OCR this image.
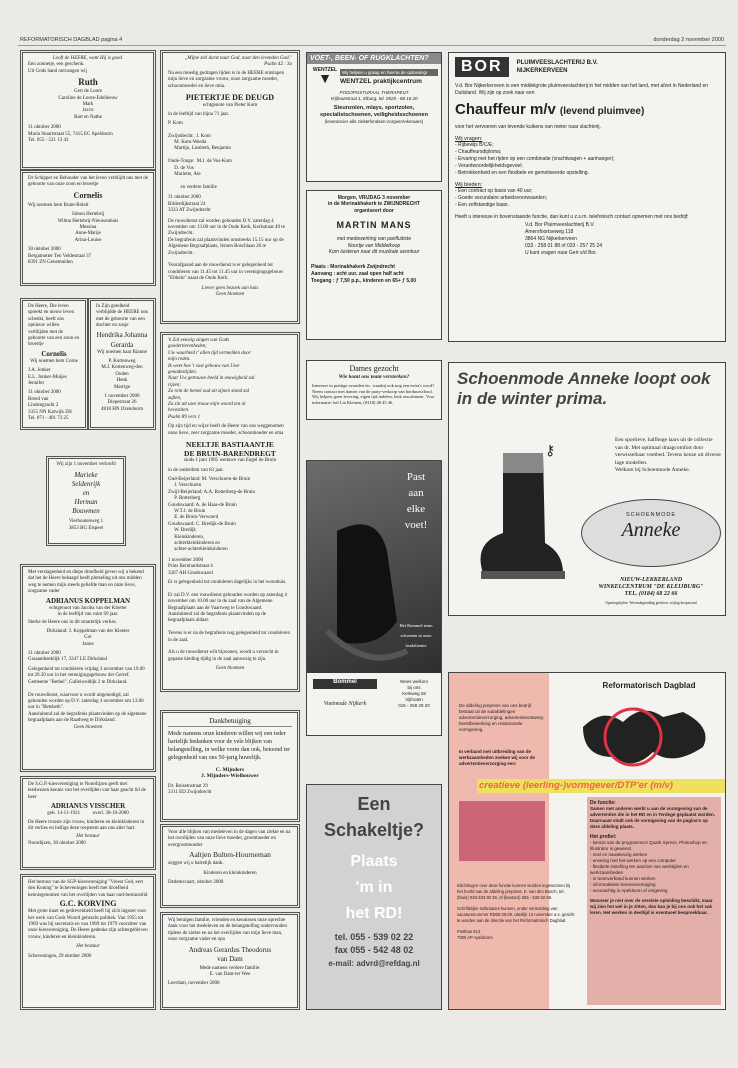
REFORMATORISCH DAGBLAD pagina 4	donderdag 2 november 2000
Looft de HEERE, want Hij is goed.
Een zonnetje, een geschenk.
Uit Gods hand ontvangen wij
Ruth
Gert de Loore
Caroline de Loore-Edelleeuw
Mark
Jacco
Bart en Nathe
31 oktober 2000
Maria Stuartstraat 55, 7415 EC Apeldoorn
Tel. 055 - 521 13 43
Dr Schipper en Behouder van het leven verblijdt ons met de geboorte van onze zoon en broertje
Cornelis
Wij noemen hem Bram-Boleit
Simon Hertebrij
Wilma Hertebrij-Nieuwenhuis
Messina
Anne-Marije
Arina-Louise
30 oktober 2000
Bergamotter Ten Veldestraat 37
8391 ZN Genemuiden
De Heere, Die leven spreekt en nieuw leven schenkt, heeft ons opnieuw willen verblijden met de geboorte van een zoon en broertje
Cornelis
Wij noemen hem Corne
J.A. Jonker
E.L. Jonker-Muijes
Jennifer
31 oktober 2000
Breed van
Lindengracht 2
3355 NN Katwijk ZH
Tel. 071 - 401 73 25
In Zijn goedheid verblijdde de HEERE ons met de geboorte van een dochter en zusje
Hendrika Johanna Gerarda
Wij noemen haar Rianne
P. Kortenweg
M.J. Kortenweg-den Ouden
Henk
Marrige
1 november 2000
Diepestraat 26
4818 HN IJzendoorn
Wij zijn 1 november verloofd
Marieke
Seldenrijk
en
Herman
Bouwmen
Vierhoutenweg 1
3853 BG Elspeet
Met verslagenheid en diepe droefheid geven wij u bekend dat het de Heere behaagd heeft plotseling uit ons midden weg te nemen mijn steeds geliefde man en onze lieve, zorgzame vader
ADRIANUS KOPPELMAN
echtgenoot van Jacoba van der Kloeter
in de leeftijd van ruim 69 jaar.
Sterke de Heere ons in dit smartelijk verlies.
Dirksland: J. Koppelman-van der Kloeter
Cor
Janne
31 oktober 2000
Graaambeeklijk 17, 3247 LE Dirksland
Gelegenheid tot condoleren vrijdag 3 november van 19.00 tot 20.30 uur in het verenigingsgebouw der Gerref. Gemeente "Bethel", Galleiwoldijk 2 te Dirksland.

De rouwdienst, waarvoor u wordt uitgenodigd, zal gehouden worden op D.V. zaterdag 4 november om 13.00 uur in "Betsheth".
Aansluitend zal de begrafenis plaatsvinden op de algemene begraafplaats aan de Raadweg te Dirksland.
Geen bloemen
De S.G.P.-kiesvereniging te Noordijzen geeft met leedwezen kennis van het overlijden van haar geacht lid de heer
ADRIANUS VISSCHER
geb. 14-11-1921          overl. 30-10-2000
De Heere trooste zijn vrouw, kinderen en kleinkinderen in dit verlies en heilige deze roepstem aan ons aller hart.
Het bestuur
Noordijzen, 30 oktober 2000
Het bestuur van de SGP-kiesvereniging "Vreest God, eert den Koning" te Scheveningen heeft met droefheid kennisgenomen van het overlijden van haar oud-bestuurslid
G.C. KORVING
Met grote inzet en gedrevenheid heeft hij zich ingezet voor het werk van Gods Woord gebracht politiek. Van 1955 tot 1969 was hij secretaris en van 1969 tot 1979 voorzitter van onze kiesvereniging. De Heere gedenke zijn achtergebleven vrouw, kinderen en kleinkinderen.
Het bestuur
Scheveningen, 29 oktober 2000
„Mijne ziel dorst naar God, naar den levenden God."
Psalm 42 : 3a
Na een moedig gedragen lijden is in de HEERE ontslapen mijn lieve en zorgzame vrouw, onze zorgzame moeder, schoonmoeder en lieve oma.
PIETERTJE DE DEUGD
echtgenote van Pieter Kom
in de leeftijd van bijna 71 jaar.
P. Kom

Zwijndrecht:  J. Kom
M. Kom-Weeda
Martijn, Liesbeth, Benjamin

Oude-Tonge:  M.J. de Vos-Kom
D. de Vos
Mariette, Ate

en verdere familie
31 oktober 2000
Bilderdijkstraat 24
3333 AT Zwijndrecht
De rouwdienst zal worden gehouden D.V. zaterdag 4 november om 13.00 uur in de Oude Kerk, Kerkstraat 49 te Zwijndrecht.
De begrafenis zal plaatsvinden omstreeks 15.15 uur op de Algemene Begraafplaats, Jeroen Boschlaan 26 te Zwijndrecht.

Voorafgaand aan de rouwdienst is er gelegenheid tot condoleren van 11.45 tot 11.45 uur in verenigingsgebouw "Elthelo" naast de Oude Kerk.
Liever geen bezoek aan huis
Geen bloemen
'k Zal eeuwig zingen van Gods
goedertierenheden;
Uw waarheid t' allen tijd vermelden door
mijn reden.
Ik weet hoe 't vast gebouw van Uwe
genadestijden.
Naar Uw getrouwe beeld in eeuwigheid zal
rijzen;
Zo rein de hemel oud uit zijnen stand zal
zuften,
Zo zin uit uwe trouw mijn woord ten al
bevestiten.
Psalm 89 vers 1
Op zijn tijd en wijze heeft de Heere van ons weggenomen onze lieve, zeer zorgzame moeder, schoonmoeder en oma
NEELTJE BASTIAANTJE
DE BRUIN-BARENDREGT
sinds 1 juni 1985 weduwe van Engel de Bruin
in de ouderdom van 83 jaar.
Oud-Beijerland: M. Verschuren-de Bruin
J. Verschuren
Zwijl-Beijerland: A.A. Rotterberg-de Bruin
P. Rotterberg
Goudswaard: A. de Haas-de Bruin
W.T.J. de Bruin
E. de Bruin-Verwoerd
Goudswaard: C. Bredijk-de Bruin
W. Bredijk
Kleinkinderen,
achterkleinkinderen en
achter-achterkleinkinderen
1 november 2000
Prins Bernhardstraat 4
3267 AH Goudswaard
Er is gelegenheid tot condoleren dagelijks in het woonhuis.

Er zal D.V. een rouwdienst gehouden worden op zaterdag 4 november om 10.00 uur in de zaal van de Algemene Begraafplaats aan de Vaartweg te Goudswaard.
Aansluitend zal de begrafenis plaatsvinden op de begraafplaats aldaar.

Tevens is er na de begrafenis nog gelegenheid tot condoleren in de zaal.

Als u de rouwdienst wilt bijwonen, wordt u verzocht in gepaste kleding tijdig in de zaal aanwezig te zijn.
Geen bloemen
Dankbetuiging
Mede namens onze kinderen willen wij een ieder hartelijk bedanken voor de vele blijken van belangstelling, in welke vorm dan ook, betoond ter gelegenheid van ons 50-jarig huwelijk.
C. Mijnders
J. Mijnders-Wielhouwer
Dr. Boisetnstraat 29
3311 ED Zwijndrecht
Voor alle blijken van medeleven in de dagen van ziekte en na het overlijden van onze lieve moeder, grootmoeder en overgrootmoeder
Aaltjen Bulten-Hourneman
zeggen wij u hartelijk dank.
Kinderen en kleinkinderen
Dedemsvaart, oktober 2000
Wij betuigen familie, vrienden en kennissen onze oprechte dank voor het medeleven en de belangstelling ondervonden tijdens de ziekte en na het overlijden van mijn lieve man, onze zorgzame vader en opa
Andreas Gerardus Theodorus
van Dam
Mede namens verdere familie:
E. van Dam-ter Wee
Leerdam, november 2000
VOET-, BEEN- OF RUGKLACHTEN?
WENTZEL
▼	Wij helpen u graag en hierna de oplossing!
WENTZEL praktijkcentrum
PODOPOSTURAAL THERAPEUT
Vrijhoutstraat 1, Elburg, tel. 0525 - 68 16 20
Steunzolen, mlays, sportzolen,
specialistschoenen, veiligheidsschoenen
(leverancier alle ziektefondsen-zorgverzekeraars)
Morgen, VRIJDAG 3 november
in de Morinakhakerk te ZWIJNDRECHT
organiseert door
MARTIN MANS
met medewerking van panfluitiste
Noortje van Middelkoop
Kom luisteren naar dit muzikale avontuur
Plaats : Morinakhakerk Zwijndrecht
Aanvang : acht uur, zaal open half acht
Toegang : ƒ 7,50 p.p., kinderen en 65+ ƒ 5,00
Dames gezocht
Wie komt ons team versterken?
Interesse in prettige avonden etc. waarbij ook nog een extra's word? Neem contact met dames van de party-verkoop van borduurschool. Wij helpen, geen levering, eigen tijd indelen, leuk assortiment. Voor informatie: bel Lia Kleinen, (0318) 48 45 46.
Past
aan
elke
voet!
Het Bommel team
schoenen in onze
loadaliemie
Bommel
Voetmode Nijkerk
Wees welkom
bij ons
Kerkweg 28
Vijfnoten
015 - 268 28 20
Een
Schakeltje?
Plaats
'm in
het RD!
tel. 055 - 539 02 22
fax 055 - 542 48 02
e-mail: advrd@refdag.nl
BOR	PLUIMVEESLACHTERIJ B.V.
NIJKERKERVEEN
V.d. Bor Nijkerkerveen is een middelgrote pluimveeslachterij in het midden van het land, met afzet in Nederland en Duitsland. Wij zijn op zoek naar een
Chauffeur m/v (levend pluimvee)
voor het vervoeren van levende kuikens van meter naar slachterij.
Wij vragen:
- Rijbewijs B/C/E;
- Chauffeursdiploma;
- Ervaring met het rijden op een combinatie (vrachtwagen + aanhanger);
- Verantwoordelijkheidsgevoel;
- Betrokkenheid en een flexibele en gemotiveerde opstelling.
Wij bieden:
- Een contract op basis van 40 uur;
- Goede secundaire arbeidsvoorwaarden;
- Een zelfstandige baan.
Heeft u interesse in bovenstaande functie, dan kunt u z.s.m. telefonisch contact opnemen met ons bedrijf:
V.d. Bor Pluimveeslachterij B.V.
Amersfoortseweg 118
3864 NG Nijkerkerveen
033 - 258 01 88 of 033 - 257 25 24
U kunt vragen naar Gert v/d Bor.
Schoenmode Anneke loopt ook in de winter prima.
⚷
Een sportieve, halfhoge laars uit de collectie van dr. Met optimaal draagcomfort door verwisselbaar voetbed. Tevens kenze uit diverse lage modellen.
Welkom bij Schoenmode Anneke.
SCHOENMODE
Anneke
NIEUW-LEKKERLAND
WINKELCENTRUM "DE KLEIJBURG"
TEL. (0184) 68 22 66
Openingstijden: Woensdagmiddag gesloten, vrijdag koopavond
Reformatorisch Dagblad
De afdeling prepress van ons bedrijf bestaat uit de subafdelingen advertentieverzorging, advertentieontwerp, beeldbewerking en redactionele vormgeving.
In verband met uitbreiding van de werkzaamheden zoeken wij voor de advertentieverzorging een:
creatieve (leerling-)vormgever/DTP'er (m/v)
De functie:
Samen met anderen werkt u aan de vormgeving van de advertenties die in het RD en in Terdege geplaatst worden. Daarnaast vindt ook de vormgeving van de pagina's op deze afdeling plaats.
Het profiel:
- kennis van de programma's Quark Xpress, Photoshop en Illustrator is gewenst
- snel en nauwkeurig werken
- ervaring met het werken op een computer
- flexibele instelling ten aanzien van werktijden en werkzaamheden
- in teamverband kunnen werken
- informatieleis levensovertuiging
- woonachtig in Apeldoorn of omgeving
Wanneer je niet over de vereiste opleiding beschikt, maar wij zien het wel in je zitten, dan kan je bij ons ook het vak leren. Het werken in deeltijd is eventueel bespreekbaar.
Inlichtingen over deze functie kunnen worden ingewonnen bij het hoofd van de afdeling prepress, E. van den Bosch, tel. (thuis) 038-333 90 36, of (kantoor) 055 - 539 02 56.

Schriftelijke sollicitaties kunnen, onder vermelding van vacaturenummer RD00.09.09, uiterlijk 13 november a.s. gericht te worden aan de directie van het Reformatorisch Dagblad.

Postbus 613
7300 AP Apeldoorn
